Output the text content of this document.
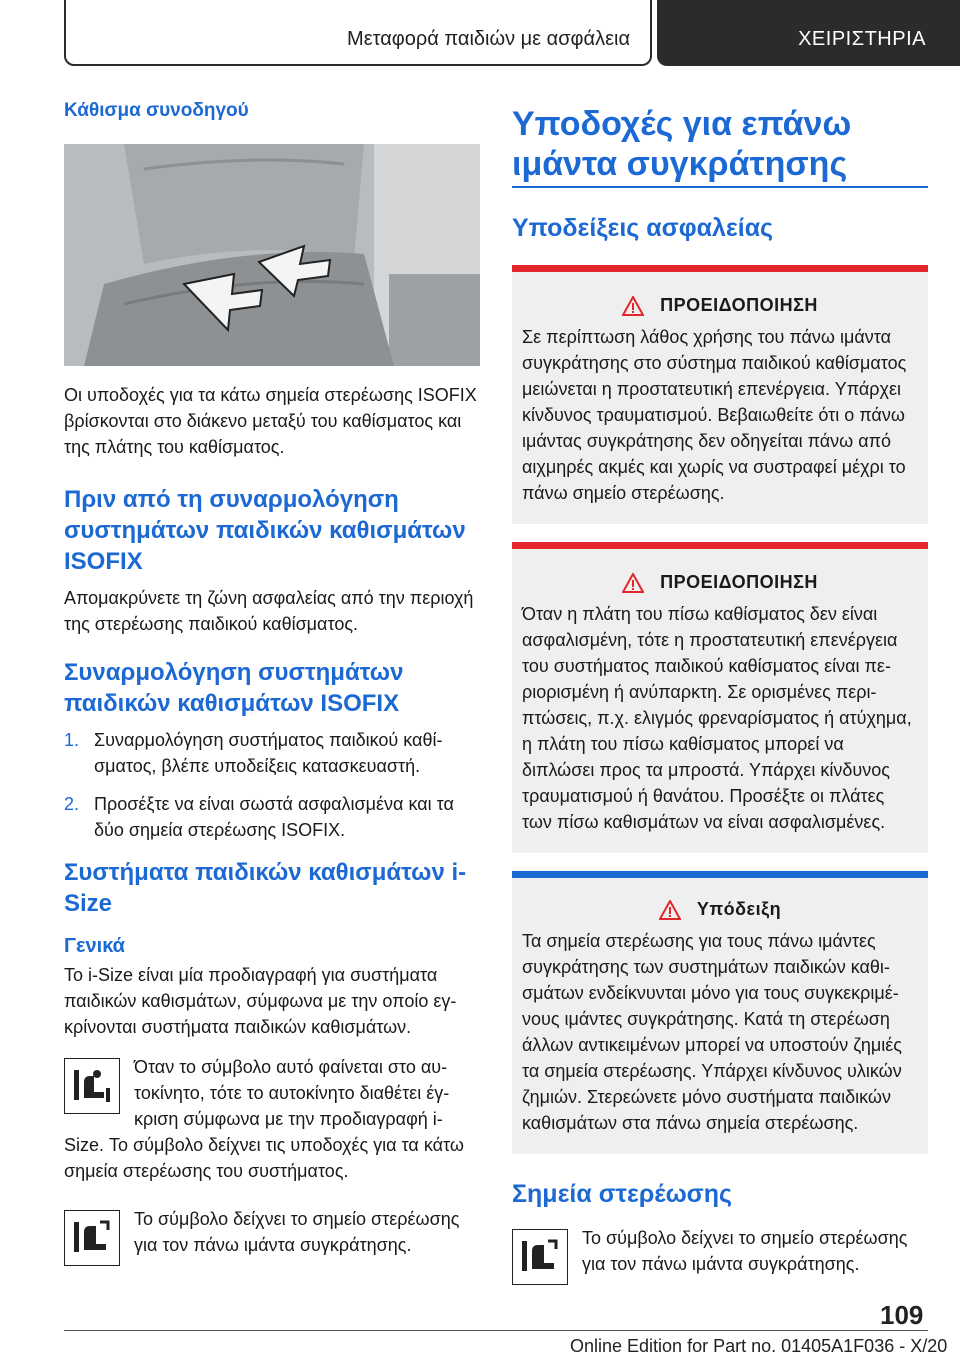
Μεταφορά παιδιών με ασφάλεια	ΧΕΙΡΙΣΤΗΡΙΑ
Κάθισμα συνοδηγού

Οι υποδοχές για τα κάτω σημεία στερέωσης ISOFIX βρίσκονται στο διάκενο μεταξύ του καθίσματος και της πλάτης του καθίσματος.

Πριν από τη συναρμολόγηση συστημάτων παιδικών καθισμάτων ISOFIX

Απομακρύνετε τη ζώνη ασφαλείας από την περιοχή της στερέωσης παιδικού καθίσματος.

Συναρμολόγηση συστημάτων παιδικών καθισμάτων ISOFIX
1. Συναρμολόγηση συστήματος παιδικού καθίσματος, βλέπε υποδείξεις κατασκευαστή.
2. Προσέξτε να είναι σωστά ασφαλισμένα και τα δύο σημεία στερέωσης ISOFIX.
Συστήματα παιδικών καθισμάτων i-Size
Γενικά

Το i-Size είναι μία προδιαγραφή για συστήματα παιδικών καθισμάτων, σύμφωνα με την οποίο εγκρίνονται συστήματα παιδικών καθισμάτων.

Όταν το σύμβολο αυτό φαίνεται στο αυτοκίνητο, τότε το αυτοκίνητο διαθέτει έγκριση σύμφωνα με την προδιαγραφή i-Size. Το σύμβολο δείχνει τις υποδοχές για τα κάτω σημεία στερέωσης του συστήματος.

Το σύμβολο δείχνει το σημείο στερέωσης για τον πάνω ιμάντα συγκράτησης.

Υποδοχές για επάνω ιμάντα συγκράτησης
Υποδείξεις ασφαλείας
ΠΡΟΕΙΔΟΠΟΙΗΣΗ

Σε περίπτωση λάθος χρήσης του πάνω ιμάντα συγκράτησης στο σύστημα παιδικού καθίσματος μειώνεται η προστατευτική επενέργεια. Υπάρχει κίνδυνος τραυματισμού. Βεβαιωθείτε ότι ο πάνω ιμάντας συγκράτησης δεν οδηγείται πάνω από αιχμηρές ακμές και χωρίς να συστραφεί μέχρι το πάνω σημείο στερέωσης.

ΠΡΟΕΙΔΟΠΟΙΗΣΗ

Όταν η πλάτη του πίσω καθίσματος δεν είναι ασφαλισμένη, τότε η προστατευτική επενέργεια του συστήματος παιδικού καθίσματος είναι περιορισμένη ή ανύπαρκτη. Σε ορισμένες περιπτώσεις, π.χ. ελιγμός φρεναρίσματος ή ατύχημα, η πλάτη του πίσω καθίσματος μπορεί να διπλώσει προς τα μπροστά. Υπάρχει κίνδυνος τραυματισμού ή θανάτου. Προσέξτε οι πλάτες των πίσω καθισμάτων να είναι ασφαλισμένες.

Υπόδειξη

Τα σημεία στερέωσης για τους πάνω ιμάντες συγκράτησης των συστημάτων παιδικών καθισμάτων ενδείκνυνται μόνο για τους συγκεκριμένους ιμάντες συγκράτησης. Κατά τη στερέωση άλλων αντικειμένων μπορεί να υποστούν ζημιές τα σημεία στερέωσης. Υπάρχει κίνδυνος υλικών ζημιών. Στερεώνετε μόνο συστήματα παιδικών καθισμάτων στα πάνω σημεία στερέωσης.

Σημεία στερέωσης

Το σύμβολο δείχνει το σημείο στερέωσης για τον πάνω ιμάντα συγκράτησης.

109
Online Edition for Part no. 01405A1F036 - X/20
